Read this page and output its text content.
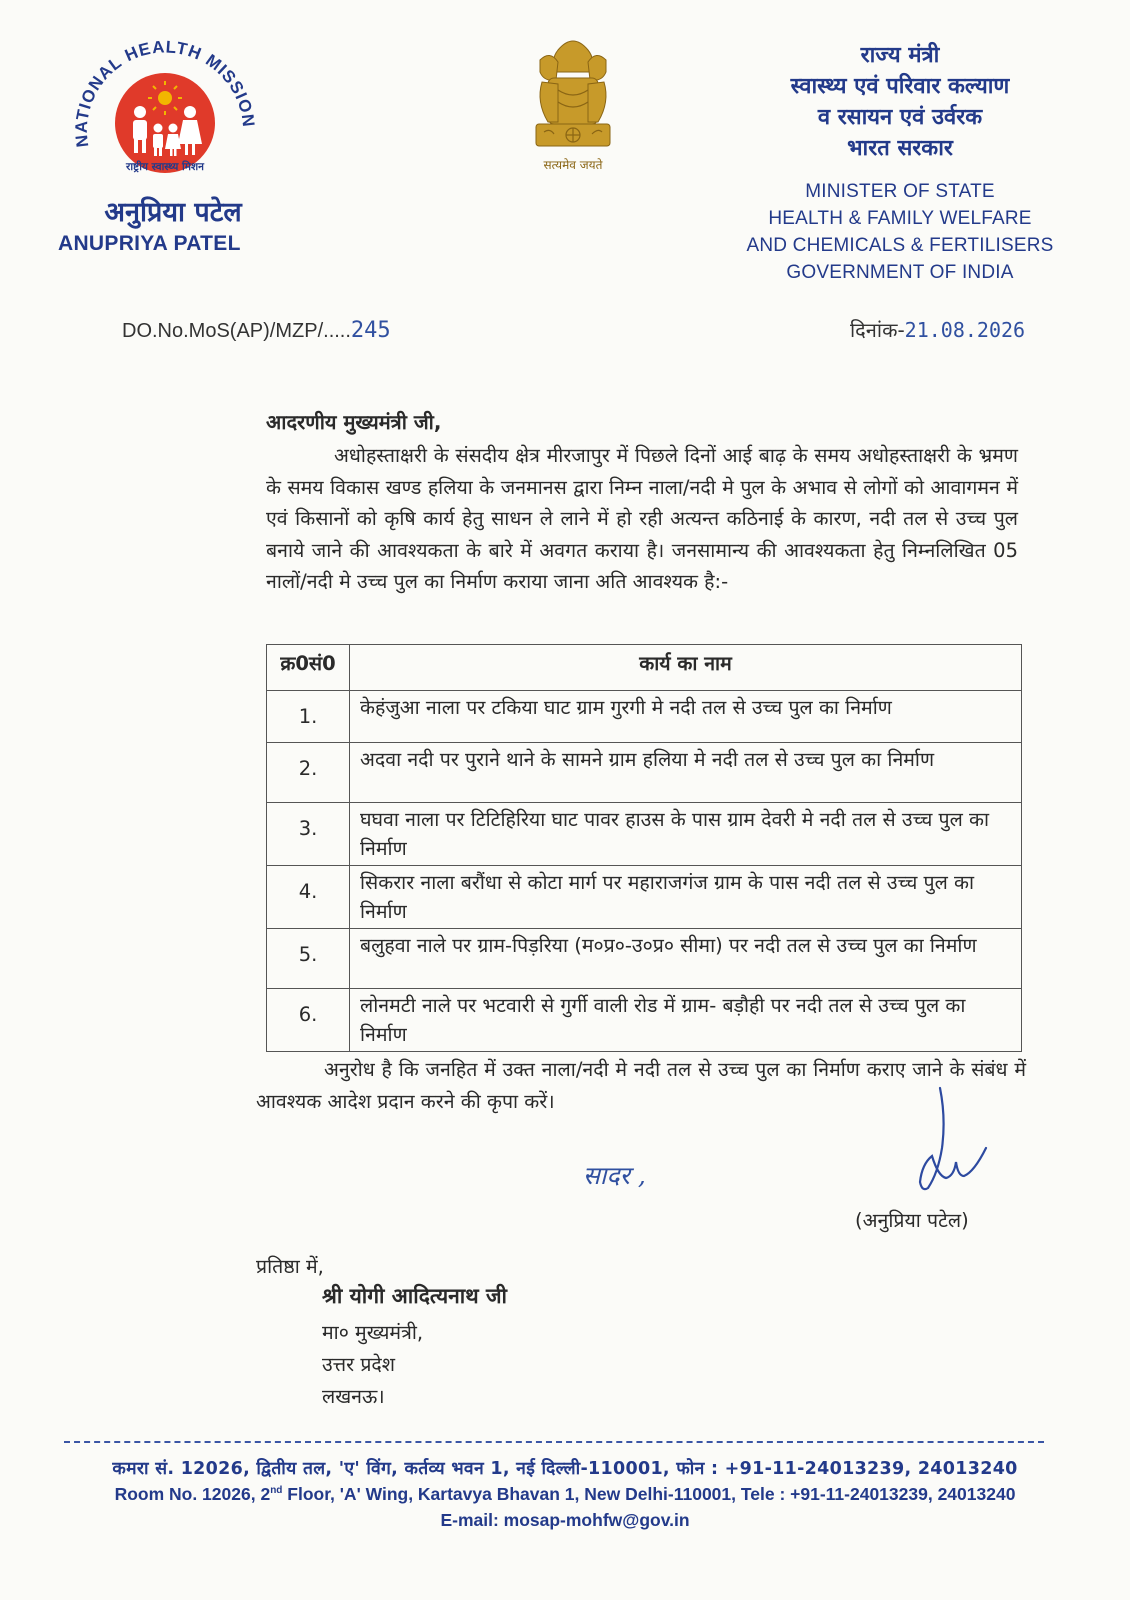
NATIONAL HEALTH MISSION
राष्ट्रीय स्वास्थ्य मिशन
अनुप्रिया पटेल
ANUPRIYA PATEL
सत्यमेव जयते
राज्य मंत्री
स्वास्थ्य एवं परिवार कल्याण
व रसायन एवं उर्वरक
भारत सरकार
MINISTER OF STATE
HEALTH & FAMILY WELFARE
AND CHEMICALS & FERTILISERS
GOVERNMENT OF INDIA
DO.No.MoS(AP)/MZP/.....245	दिनांक-21.08.2026
आदरणीय मुख्यमंत्री जी,
अधोहस्ताक्षरी के संसदीय क्षेत्र मीरजापुर में पिछले दिनों आई बाढ़ के समय अधोहस्ताक्षरी के भ्रमण के समय विकास खण्ड हलिया के जनमानस द्वारा निम्न नाला/नदी मे पुल के अभाव से लोगों को आवागमन में एवं किसानों को कृषि कार्य हेतु साधन ले लाने में हो रही अत्यन्त कठिनाई के कारण, नदी तल से उच्च पुल बनाये जाने की आवश्यकता के बारे में अवगत कराया है। जनसामान्य की आवश्यकता हेतु निम्नलिखित 05 नालों/नदी मे उच्च पुल का निर्माण कराया जाना अति आवश्यक है:-
क्र0सं0	कार्य का नाम
1.	केहंजुआ नाला पर टकिया घाट ग्राम गुरगी मे नदी तल से उच्च पुल का निर्माण
2.	अदवा नदी पर पुराने थाने के सामने ग्राम हलिया मे नदी तल से उच्च पुल का निर्माण
3.	घघवा नाला पर टिटिहिरिया घाट पावर हाउस के पास ग्राम देवरी मे नदी तल से उच्च पुल का निर्माण
4.	सिकरार नाला बरौंधा से कोटा मार्ग पर महाराजगंज ग्राम के पास नदी तल से उच्च पुल का निर्माण
5.	बलुहवा नाले पर ग्राम-पिड़रिया (म०प्र०-उ०प्र० सीमा) पर नदी तल से उच्च पुल का निर्माण
6.	लोनमटी नाले पर भटवारी से गुर्गी वाली रोड में ग्राम- बड़ौही पर नदी तल से उच्च पुल का निर्माण
अनुरोध है कि जनहित में उक्त नाला/नदी मे नदी तल से उच्च पुल का निर्माण कराए जाने के संबंध में आवश्यक आदेश प्रदान करने की कृपा करें।
सादर ,
(अनुप्रिया पटेल)
प्रतिष्ठा में,
श्री योगी आदित्यनाथ जी
मा० मुख्यमंत्री,
उत्तर प्रदेश
लखनऊ।
कमरा सं. 12026, द्वितीय तल, 'ए' विंग, कर्तव्य भवन 1, नई दिल्ली-110001, फोन : +91-11-24013239, 24013240
Room No. 12026, 2nd Floor, 'A' Wing, Kartavya Bhavan 1, New Delhi-110001, Tele : +91-11-24013239, 24013240
E-mail: mosap-mohfw@gov.in
